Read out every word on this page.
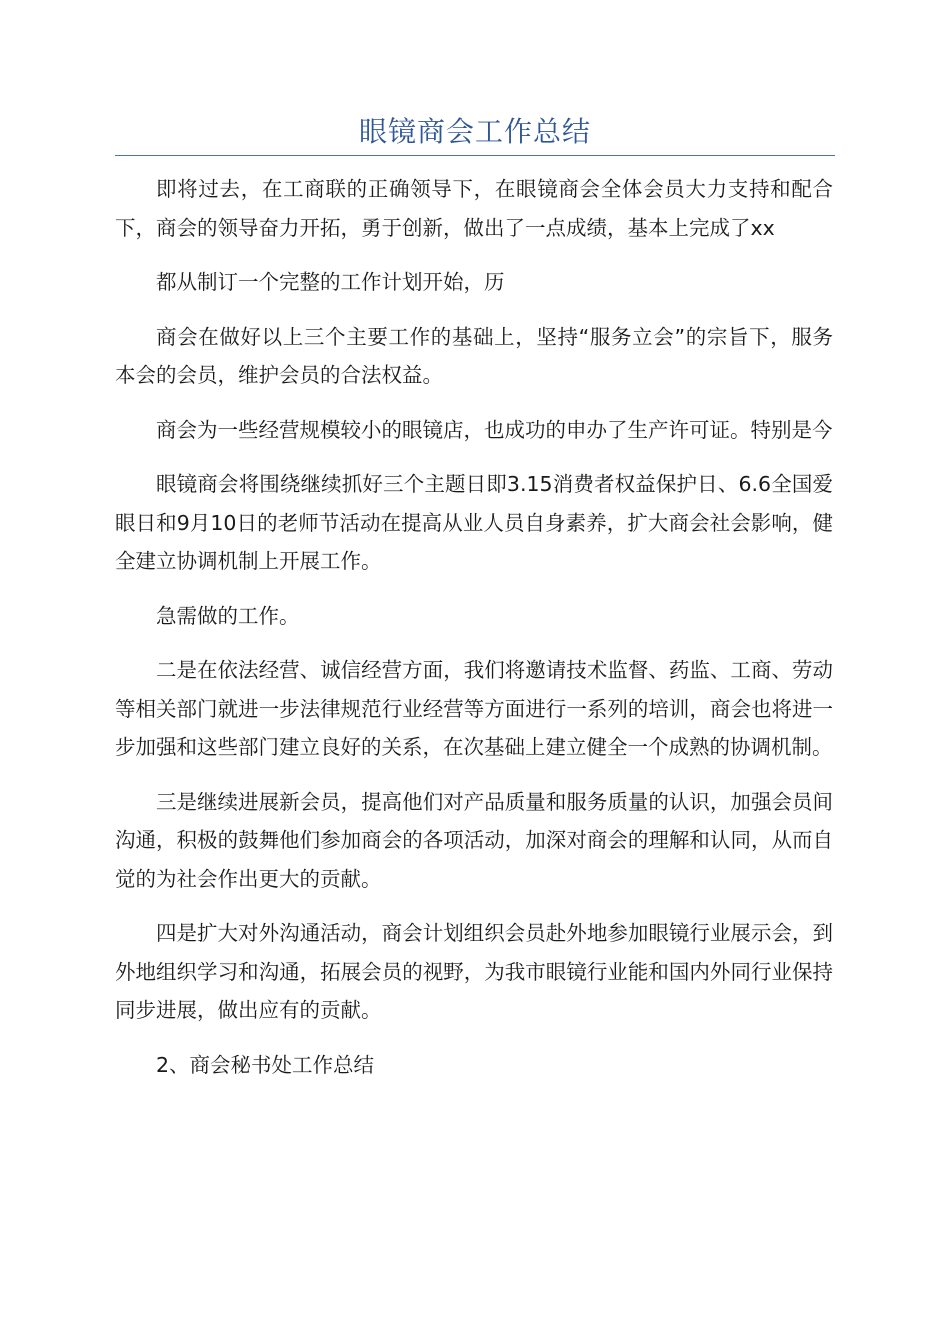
眼镜商会工作总结

即将过去，在工商联的正确领导下，在眼镜商会全体会员大力支持和配合下，商会的领导奋力开拓，勇于创新，做出了一点成绩，基本上完成了xx

都从制订一个完整的工作计划开始，历

商会在做好以上三个主要工作的基础上，坚持“服务立会”的宗旨下，服务本会的会员，维护会员的合法权益。

商会为一些经营规模较小的眼镜店，也成功的申办了生产许可证。特别是今

眼镜商会将围绕继续抓好三个主题日即3.15消费者权益保护日、6.6全国爱眼日和9月10日的老师节活动在提高从业人员自身素养，扩大商会社会影响，健全建立协调机制上开展工作。

急需做的工作。

二是在依法经营、诚信经营方面，我们将邀请技术监督、药监、工商、劳动等相关部门就进一步法律规范行业经营等方面进行一系列的培训，商会也将进一步加强和这些部门建立良好的关系，在次基础上建立健全一个成熟的协调机制。

三是继续进展新会员，提高他们对产品质量和服务质量的认识，加强会员间沟通，积极的鼓舞他们参加商会的各项活动，加深对商会的理解和认同，从而自觉的为社会作出更大的贡献。

四是扩大对外沟通活动，商会计划组织会员赴外地参加眼镜行业展示会，到外地组织学习和沟通，拓展会员的视野，为我市眼镜行业能和国内外同行业保持同步进展，做出应有的贡献。

2、商会秘书处工作总结
